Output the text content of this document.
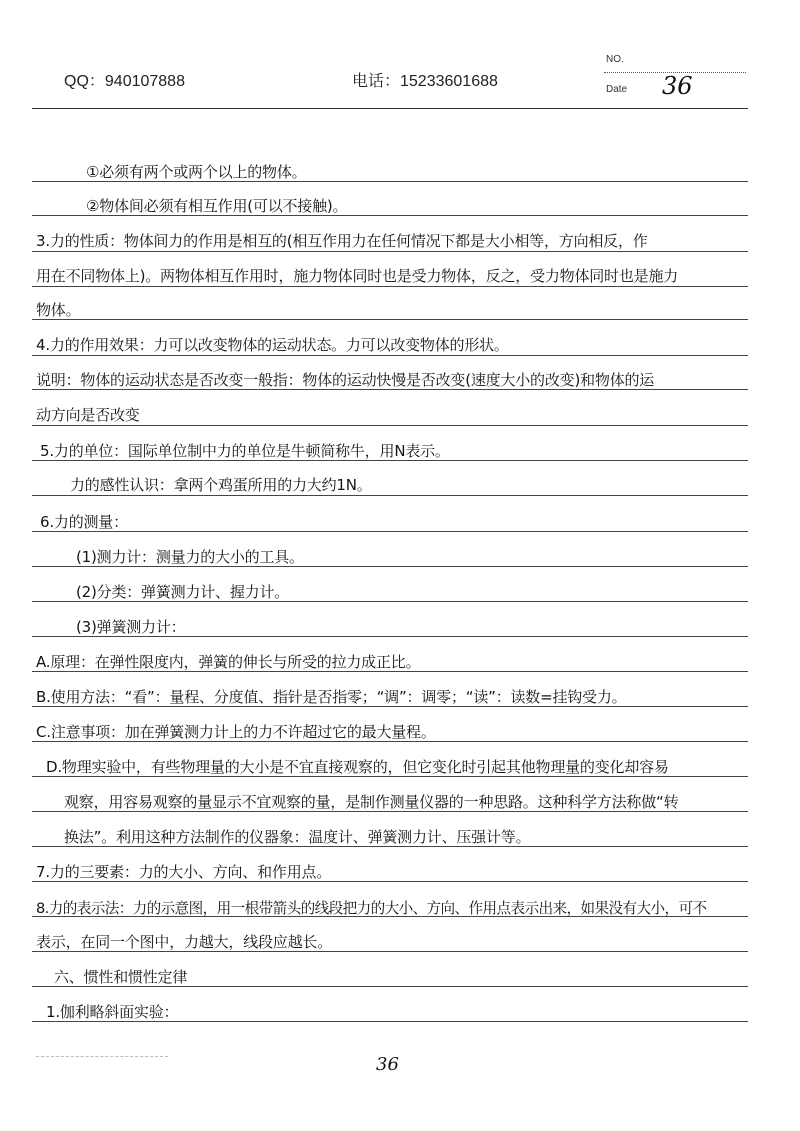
QQ：940107888	电话：15233601688
NO.
Date 36
①必须有两个或两个以上的物体。
②物体间必须有相互作用(可以不接触)。
3.力的性质：物体间力的作用是相互的(相互作用力在任何情况下都是大小相等，方向相反，作
用在不同物体上)。两物体相互作用时，施力物体同时也是受力物体，反之，受力物体同时也是施力
物体。
4.力的作用效果：力可以改变物体的运动状态。力可以改变物体的形状。
说明：物体的运动状态是否改变一般指：物体的运动快慢是否改变(速度大小的改变)和物体的运
动方向是否改变
5.力的单位：国际单位制中力的单位是牛顿简称牛，用N表示。
力的感性认识：拿两个鸡蛋所用的力大约1N。
6.力的测量：
(1)测力计：测量力的大小的工具。
(2)分类：弹簧测力计、握力计。
(3)弹簧测力计：
A.原理：在弹性限度内，弹簧的伸长与所受的拉力成正比。
B.使用方法：“看”：量程、分度值、指针是否指零；“调”：调零；“读”：读数=挂钩受力。
C.注意事项：加在弹簧测力计上的力不许超过它的最大量程。
D.物理实验中，有些物理量的大小是不宜直接观察的，但它变化时引起其他物理量的变化却容易
观察，用容易观察的量显示不宜观察的量，是制作测量仪器的一种思路。这种科学方法称做“转
换法”。利用这种方法制作的仪器象：温度计、弹簧测力计、压强计等。
7.力的三要素：力的大小、方向、和作用点。
8.力的表示法：力的示意图，用一根带箭头的线段把力的大小、方向、作用点表示出来，如果没有大小，可不
表示，在同一个图中，力越大，线段应越长。
六、惯性和惯性定律
1.伽利略斜面实验：
36
